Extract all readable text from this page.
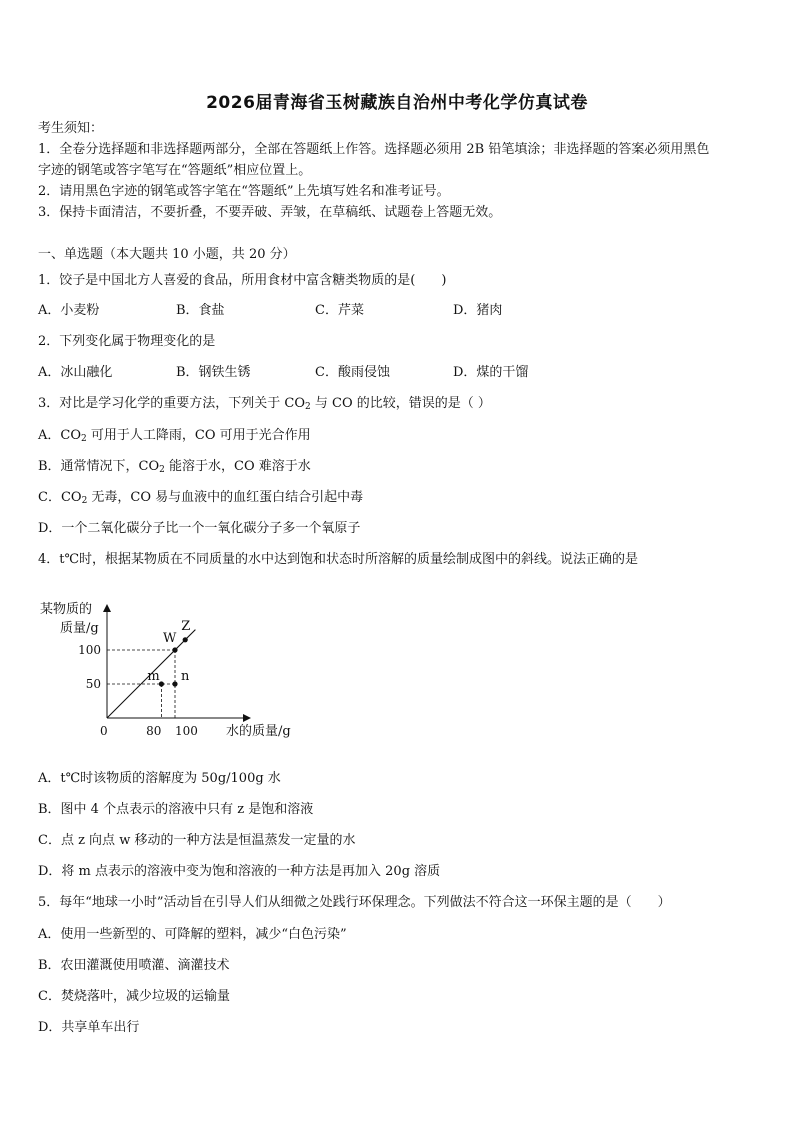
2026届青海省玉树藏族自治州中考化学仿真试卷
考生须知：
1．全卷分选择题和非选择题两部分，全部在答题纸上作答。选择题必须用 2B 铅笔填涂；非选择题的答案必须用黑色
字迹的钢笔或答字笔写在“答题纸”相应位置上。
2．请用黑色字迹的钢笔或答字笔在“答题纸”上先填写姓名和准考证号。
3．保持卡面清洁，不要折叠，不要弄破、弄皱，在草稿纸、试题卷上答题无效。
一、单选题（本大题共 10 小题，共 20 分）
1．饺子是中国北方人喜爱的食品，所用食材中富含糖类物质的是(　　)
A．小麦粉	B．食盐	C．芹菜	D．猪肉
2．下列变化属于物理变化的是
A．冰山融化	B．钢铁生锈	C．酸雨侵蚀	D．煤的干馏
3．对比是学习化学的重要方法，下列关于 $CO_2$ 与 CO 的比较，错误的是（ ）
A．$CO_2$ 可用于人工降雨，CO 可用于光合作用
B．通常情况下，$CO_2$ 能溶于水，CO 难溶于水
C．$CO_2$ 无毒，CO 易与血液中的血红蛋白结合引起中毒
D．一个二氧化碳分子比一个一氧化碳分子多一个氧原子
4．t℃时，根据某物质在不同质量的水中达到饱和状态时所溶解的质量绘制成图中的斜线。说法正确的是
某物质的
质量/g
水的质量/g
0
50
100
80 100
W
Z
m n
A．t℃时该物质的溶解度为 50g/100g 水
B．图中 4 个点表示的溶液中只有 z 是饱和溶液
C．点 z 向点 w 移动的一种方法是恒温蒸发一定量的水
D．将 m 点表示的溶液中变为饱和溶液的一种方法是再加入 20g 溶质
5．每年“地球一小时”活动旨在引导人们从细微之处践行环保理念。下列做法不符合这一环保主题的是（　　）
A．使用一些新型的、可降解的塑料，减少“白色污染”
B．农田灌溉使用喷灌、滴灌技术
C．焚烧落叶，减少垃圾的运输量
D．共享单车出行
